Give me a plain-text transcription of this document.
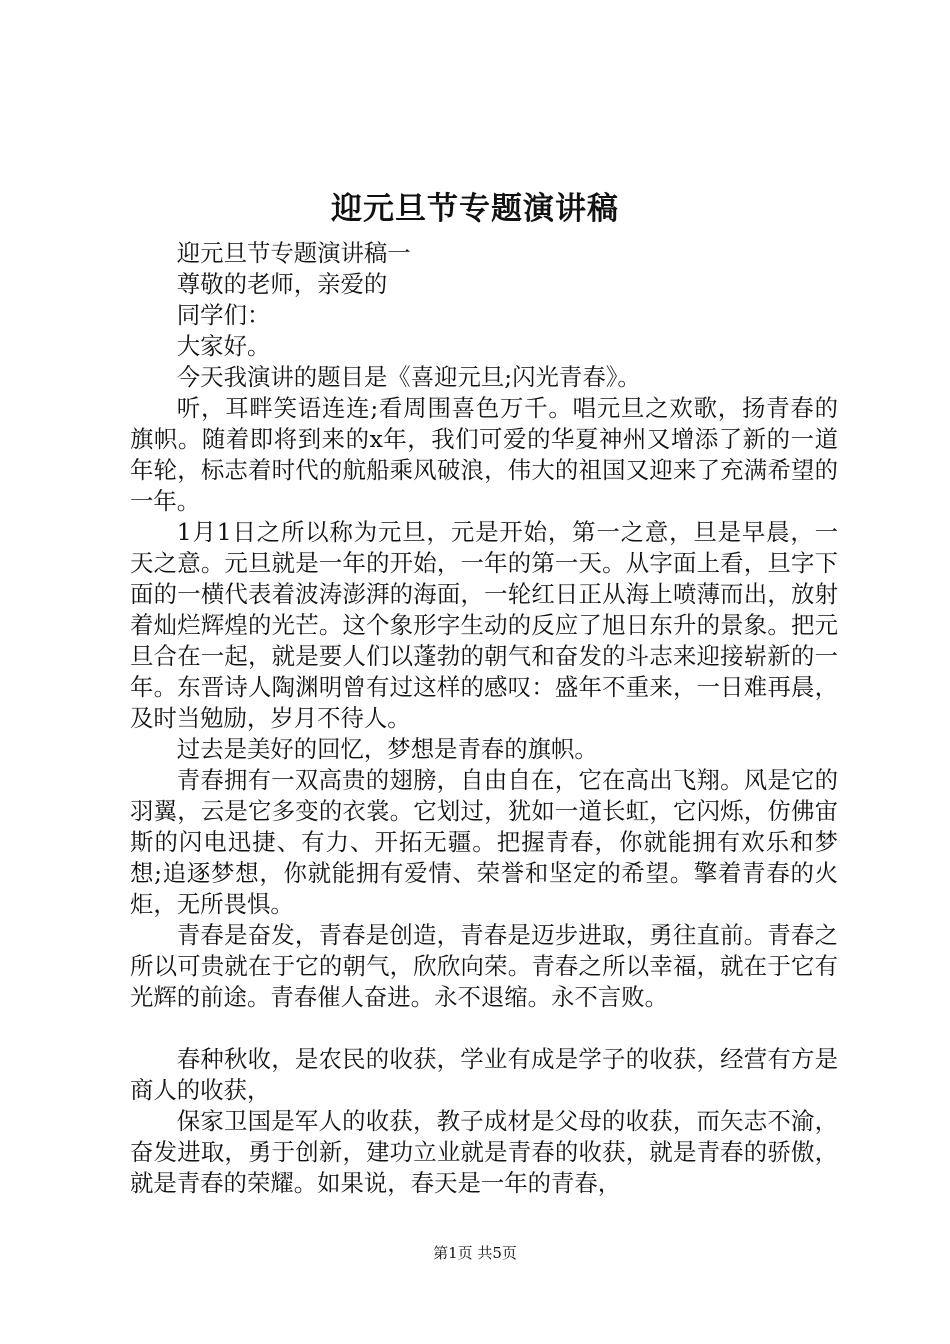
迎元旦节专题演讲稿

迎元旦节专题演讲稿一

尊敬的老师，亲爱的

同学们：

大家好。

今天我演讲的题目是《喜迎元旦;闪光青春》。

听，耳畔笑语连连;看周围喜色万千。唱元旦之欢歌，扬青春的旗帜。随着即将到来的x年，我们可爱的华夏神州又增添了新的一道年轮，标志着时代的航船乘风破浪，伟大的祖国又迎来了充满希望的一年。

1月1日之所以称为元旦，元是开始，第一之意，旦是早晨，一天之意。元旦就是一年的开始，一年的第一天。从字面上看，旦字下面的一横代表着波涛澎湃的海面，一轮红日正从海上喷薄而出，放射着灿烂辉煌的光芒。这个象形字生动的反应了旭日东升的景象。把元旦合在一起，就是要人们以蓬勃的朝气和奋发的斗志来迎接崭新的一年。东晋诗人陶渊明曾有过这样的感叹：盛年不重来，一日难再晨，及时当勉励，岁月不待人。

过去是美好的回忆，梦想是青春的旗帜。

青春拥有一双高贵的翅膀，自由自在，它在高出飞翔。风是它的羽翼，云是它多变的衣裳。它划过，犹如一道长虹，它闪烁，仿佛宙斯的闪电迅捷、有力、开拓无疆。把握青春，你就能拥有欢乐和梦想;追逐梦想，你就能拥有爱情、荣誉和坚定的希望。擎着青春的火炬，无所畏惧。

青春是奋发，青春是创造，青春是迈步进取，勇往直前。青春之所以可贵就在于它的朝气，欣欣向荣。青春之所以幸福，就在于它有光辉的前途。青春催人奋进。永不退缩。永不言败。

春种秋收，是农民的收获，学业有成是学子的收获，经营有方是商人的收获，

保家卫国是军人的收获，教子成材是父母的收获，而矢志不渝，奋发进取，勇于创新，建功立业就是青春的收获，就是青春的骄傲，就是青春的荣耀。如果说，春天是一年的青春，

第1页 共5页
